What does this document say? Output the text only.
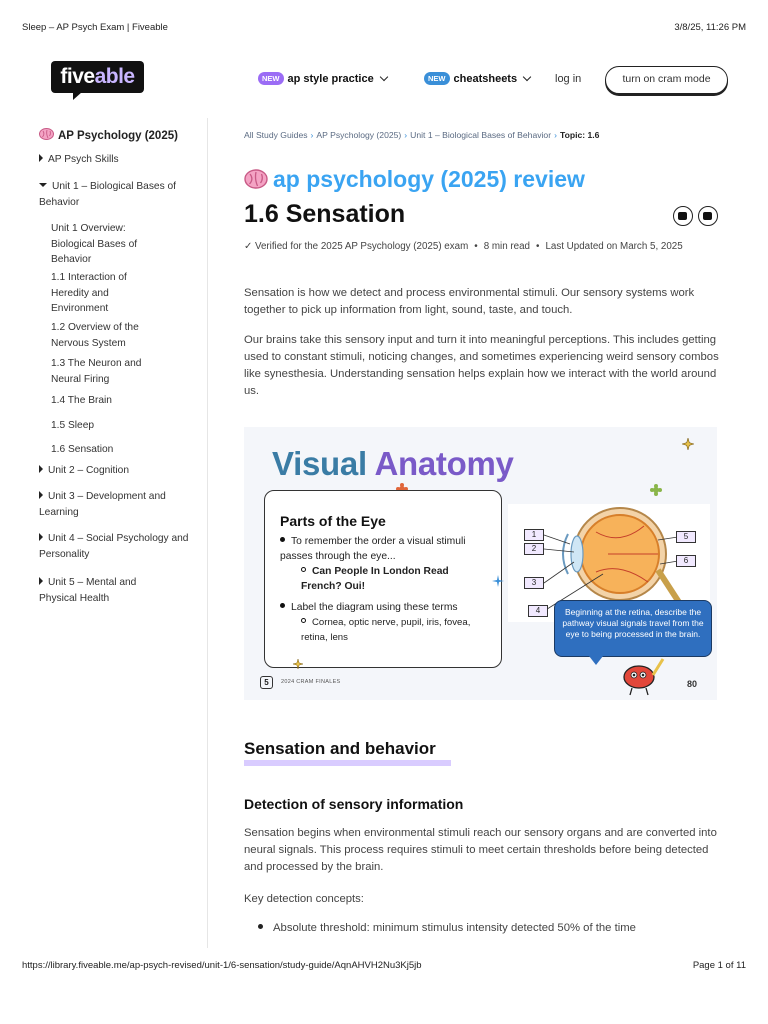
Sleep – AP Psych Exam | Fiveable	3/8/25, 11:26 PM
fiveable	NEW ap style practice	NEW cheatsheets	log in	turn on cram mode
AP Psychology (2025)
AP Psych Skills
Unit 1 – Biological Bases of Behavior
Unit 1 Overview: Biological Bases of Behavior
1.1 Interaction of Heredity and Environment
1.2 Overview of the Nervous System
1.3 The Neuron and Neural Firing
1.4 The Brain
1.5 Sleep
1.6 Sensation
Unit 2 – Cognition
Unit 3 – Development and Learning
Unit 4 – Social Psychology and Personality
Unit 5 – Mental and Physical Health
All Study Guides › AP Psychology (2025) › Unit 1 – Biological Bases of Behavior › Topic: 1.6
ap psychology (2025) review
1.6 Sensation
✓ Verified for the 2025 AP Psychology (2025) exam • 8 min read • Last Updated on March 5, 2025

Sensation is how we detect and process environmental stimuli. Our sensory systems work together to pick up information from light, sound, taste, and touch.

Our brains take this sensory input and turn it into meaningful perceptions. This includes getting used to constant stimuli, noticing changes, and sometimes experiencing weird sensory combos like synesthesia. Understanding sensation helps explain how we interact with the world around us.

Visual Anatomy
Parts of the Eye
To remember the order a visual stimuli passes through the eye...
Can People In London Read French? Oui!
Label the diagram using these terms
Cornea, optic nerve, pupil, iris, fovea, retina, lens
1
2
3
4
5
6
Beginning at the retina, describe the pathway visual signals travel from the eye to being processed in the brain.
5	2024 CRAM FINALES	80
Sensation and behavior
Detection of sensory information

Sensation begins when environmental stimuli reach our sensory organs and are converted into neural signals. This process requires stimuli to meet certain thresholds before being detected and processed by the brain.

Key detection concepts:

Absolute threshold: minimum stimulus intensity detected 50% of the time
https://library.fiveable.me/ap-psych-revised/unit-1/6-sensation/study-guide/AqnAHVH2Nu3Kj5jb	Page 1 of 11
